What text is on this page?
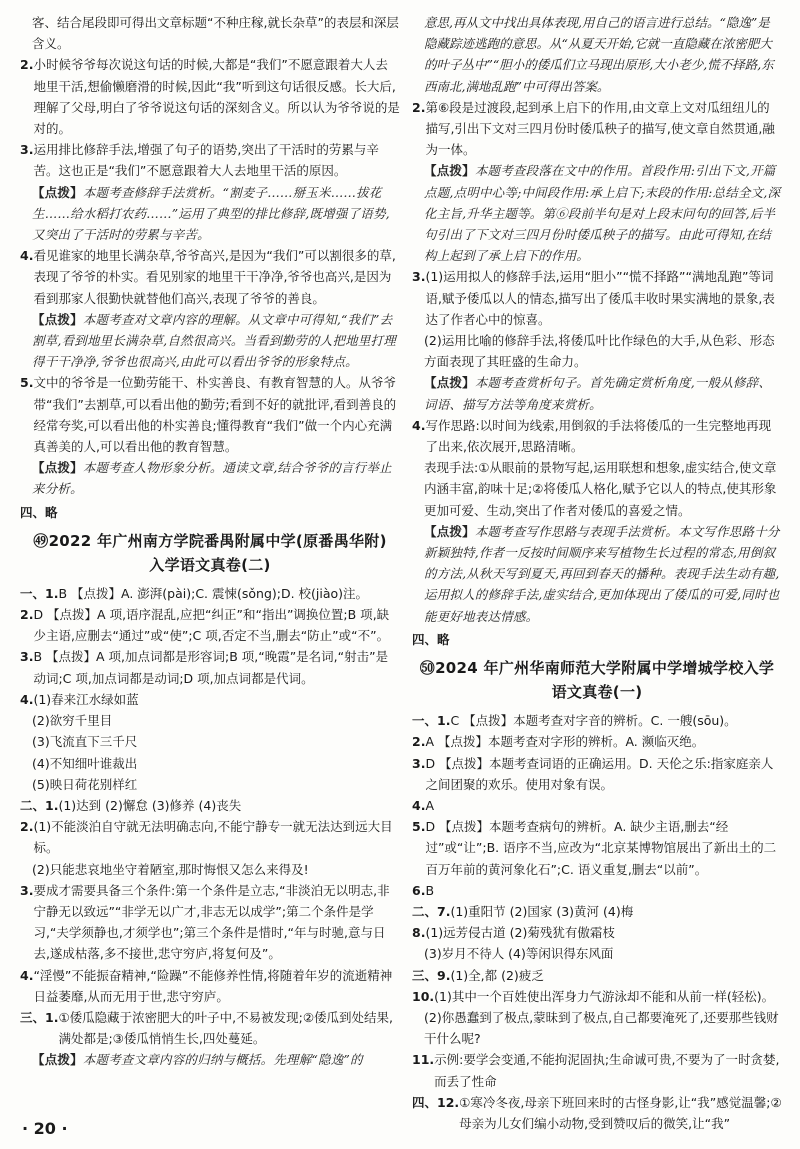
客、结合尾段即可得出文章标题“不种庄稼,就长杂草”的表层和深层含义。
2. 小时候爷爷每次说这句话的时候,大都是“我们”不愿意跟着大人去地里干活,想偷懒磨滑的时候,因此“我”听到这句话很反感。长大后,理解了父母,明白了爷爷说这句话的深刻含义。所以认为爷爷说的是对的。
3. 运用排比修辞手法,增强了句子的语势,突出了干活时的劳累与辛苦。这也正是“我们”不愿意跟着大人去地里干活的原因。
【点拨】本题考查修辞手法赏析。“割麦子……掰玉米……拔花生……给水稻打农药……”运用了典型的排比修辞,既增强了语势,又突出了干活时的劳累与辛苦。
4. 看见谁家的地里长满杂草,爷爷高兴,是因为“我们”可以割很多的草,表现了爷爷的朴实。看见别家的地里干干净净,爷爷也高兴,是因为看到那家人很勤快就替他们高兴,表现了爷爷的善良。
【点拨】本题考查对文章内容的理解。从文章中可得知,“我们”去割草,看到地里长满杂草,自然很高兴。当看到勤劳的人把地里打理得干干净净,爷爷也很高兴,由此可以看出爷爷的形象特点。
5. 文中的爷爷是一位勤劳能干、朴实善良、有教育智慧的人。从爷爷带“我们”去割草,可以看出他的勤劳;看到不好的就批评,看到善良的经常夸奖,可以看出他的朴实善良;懂得教育“我们”做一个内心充满真善美的人,可以看出他的教育智慧。
【点拨】本题考查人物形象分析。通读文章,结合爷爷的言行举止来分析。
四、略
㊾2022 年广州南方学院番禺附属中学(原番禺华附)
入学语文真卷(二)
一、1. B 【点拨】A. 澎湃(pài);C. 震悚(sǒng);D. 校(jiào)注。
2. D 【点拨】A 项,语序混乱,应把“纠正”和“指出”调换位置;B 项,缺少主语,应删去“通过”或“使”;C 项,否定不当,删去“防止”或“不”。
3. B 【点拨】A 项,加点词都是形容词;B 项,“晚霞”是名词,“射击”是动词;C 项,加点词都是动词;D 项,加点词都是代词。
4. (1)春来江水绿如蓝
(2)欲穷千里目
(3)飞流直下三千尺
(4)不知细叶谁裁出
(5)映日荷花别样红
二、1. (1)达到 (2)懈怠 (3)修养 (4)丧失
2. (1)不能淡泊自守就无法明确志向,不能宁静专一就无法达到远大目标。
(2)只能悲哀地坐守着陋室,那时悔恨又怎么来得及!
3. 要成才需要具备三个条件:第一个条件是立志,“非淡泊无以明志,非宁静无以致远”“非学无以广才,非志无以成学”;第二个条件是学习,“夫学须静也,才须学也”;第三个条件是惜时,“年与时驰,意与日去,遂成枯落,多不接世,悲守穷庐,将复何及”。
4. “淫慢”不能振奋精神,“险躁”不能修养性情,将随着年岁的流逝精神日益萎靡,从而无用于世,悲守穷庐。
三、1. ①倭瓜隐藏于浓密肥大的叶子中,不易被发现;②倭瓜到处结果,满处都是;③倭瓜悄悄生长,四处蔓延。
【点拨】本题考查文章内容的归纳与概括。先理解“隐逸”的
意思,再从文中找出具体表现,用自己的语言进行总结。“隐逸”是隐藏踪迹逃跑的意思。从“从夏天开始,它就一直隐藏在浓密肥大的叶子丛中”“胆小的倭瓜们立马现出原形,大小老少,慌不择路,东西南北,满地乱跑”中可得出答案。
2. 第⑥段是过渡段,起到承上启下的作用,由文章上文对瓜纽纽儿的描写,引出下文对三四月份时倭瓜秧子的描写,使文章自然贯通,融为一体。
【点拨】本题考查段落在文中的作用。首段作用:引出下文,开篇点题,点明中心等;中间段作用:承上启下;末段的作用:总结全文,深化主旨,升华主题等。第⑥段前半句是对上段末问句的回答,后半句引出了下文对三四月份时倭瓜秧子的描写。由此可得知,在结构上起到了承上启下的作用。
3. (1)运用拟人的修辞手法,运用“胆小”“慌不择路”“满地乱跑”等词语,赋予倭瓜以人的情态,描写出了倭瓜丰收时果实满地的景象,表达了作者心中的惊喜。
(2)运用比喻的修辞手法,将倭瓜叶比作绿色的大手,从色彩、形态方面表现了其旺盛的生命力。
【点拨】本题考查赏析句子。首先确定赏析角度,一般从修辞、词语、描写方法等角度来赏析。
4. 写作思路:以时间为线索,用倒叙的手法将倭瓜的一生完整地再现了出来,依次展开,思路清晰。
表现手法:①从眼前的景物写起,运用联想和想象,虚实结合,使文章内涵丰富,韵味十足;②将倭瓜人格化,赋予它以人的特点,使其形象更加可爱、生动,突出了作者对倭瓜的喜爱之情。
【点拨】本题考查写作思路与表现手法赏析。本文写作思路十分新颖独特,作者一反按时间顺序来写植物生长过程的常态,用倒叙的方法,从秋天写到夏天,再回到春天的播种。表现手法生动有趣,运用拟人的修辞手法,虚实结合,更加体现出了倭瓜的可爱,同时也能更好地表达情感。
四、略
㊿2024 年广州华南师范大学附属中学增城学校入学
语文真卷(一)
一、1. C 【点拨】本题考查对字音的辨析。C. 一艘(sōu)。
2. A 【点拨】本题考查对字形的辨析。A. 濒临灭绝。
3. D 【点拨】本题考查词语的正确运用。D. 天伦之乐:指家庭亲人之间团聚的欢乐。使用对象有误。
4. A
5. D 【点拨】本题考查病句的辨析。A. 缺少主语,删去“经过”或“让”;B. 语序不当,应改为“北京某博物馆展出了新出土的二百万年前的黄河象化石”;C. 语义重复,删去“以前”。
6. B
二、7. (1)重阳节 (2)国家 (3)黄河 (4)梅
8. (1)远芳侵古道 (2)菊残犹有傲霜枝
(3)岁月不待人 (4)等闲识得东风面
三、9. (1)全,都 (2)疲乏
10. (1)其中一个百姓使出浑身力气游泳却不能和从前一样(轻松)。
(2)你愚蠢到了极点,蒙昧到了极点,自己都要淹死了,还要那些钱财干什么呢?
11. 示例:要学会变通,不能拘泥固执;生命诚可贵,不要为了一时贪婪,而丢了性命
四、12. ①寒冷冬夜,母亲下班回来时的古怪身影,让“我”感觉温馨;②母亲为儿女们编小动物,受到赞叹后的微笑,让“我”
· 20 ·
